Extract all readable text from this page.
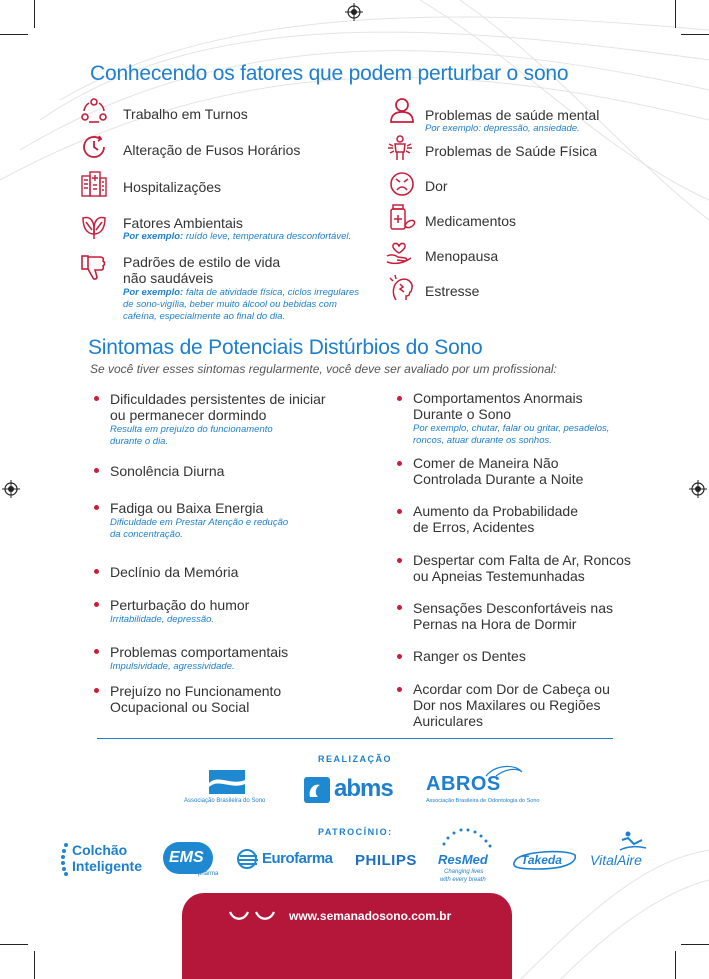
Conhecendo os fatores que podem perturbar o sono
Trabalho em Turnos
Alteração de Fusos Horários
Hospitalizações
Fatores Ambientais
Por exemplo: ruído leve, temperatura desconfortável.
Padrões de estilo de vida
não saudáveis
Por exemplo: falta de atividade física, ciclos irregulares
de sono-vigília, beber muito álcool ou bebidas com
cafeína, especialmente ao final do dia.
Problemas de saúde mental
Por exemplo: depressão, ansiedade.
Problemas de Saúde Física
Dor
Medicamentos
Menopausa
Estresse
Sintomas de Potenciais Distúrbios do Sono
Se você tiver esses sintomas regularmente, você deve ser avaliado por um profissional:
Dificuldades persistentes de iniciar
ou permanecer dormindo
Resulta em prejuízo do funcionamento
durante o dia.
Sonolência Diurna
Fadiga ou Baixa Energia
Dificuldade em Prestar Atenção e redução
da concentração.
Declínio da Memória
Perturbação do humor
Irritabilidade, depressão.
Problemas comportamentais
Impulsividade, agressividade.
Prejuízo no Funcionamento
Ocupacional ou Social
Comportamentos Anormais
Durante o Sono
Por exemplo, chutar, falar ou gritar, pesadelos,
roncos, atuar durante os sonhos.
Comer de Maneira Não
Controlada Durante a Noite
Aumento da Probabilidade
de Erros, Acidentes
Despertar com Falta de Ar, Roncos
ou Apneias Testemunhadas
Sensações Desconfortáveis nas
Pernas na Hora de Dormir
Ranger os Dentes
Acordar com Dor de Cabeça ou
Dor nos Maxilares ou Regiões
Auriculares
REALIZAÇÃO
Associação Brasileira do Sono	abms ABROS
Associação Brasileira de Odontologia do Sono
PATROCÍNIO:
Colchão
Inteligente EMS
pharma
Eurofarma PHILIPS ResMed
Changing lives
with every breath
Takeda VitalAire
www.semanadosono.com.br
